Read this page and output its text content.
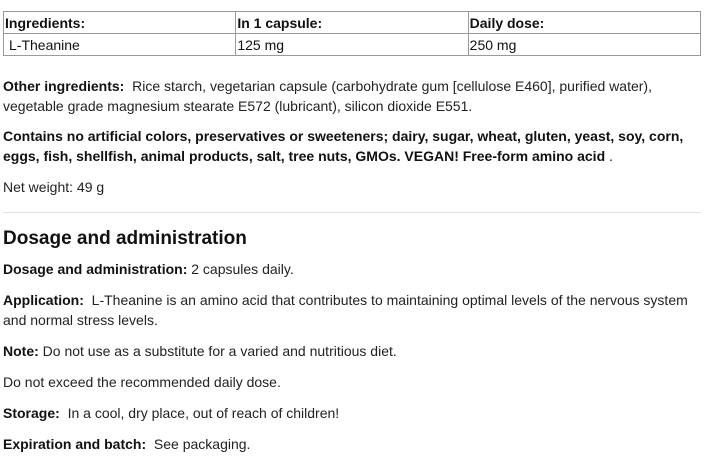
Ingredients:	In 1 capsule:	Daily dose:
L-Theanine	125 mg	250 mg

Other ingredients: Rice starch, vegetarian capsule (carbohydrate gum [cellulose E460], purified water), vegetable grade magnesium stearate E572 (lubricant), silicon dioxide E551.

Contains no artificial colors, preservatives or sweeteners; dairy, sugar, wheat, gluten, yeast, soy, corn, eggs, fish, shellfish, animal products, salt, tree nuts, GMOs. VEGAN! Free-form amino acid .

Net weight: 49 g

Dosage and administration

Dosage and administration: 2 capsules daily.

Application: L-Theanine is an amino acid that contributes to maintaining optimal levels of the nervous system and normal stress levels.

Note: Do not use as a substitute for a varied and nutritious diet.

Do not exceed the recommended daily dose.

Storage: In a cool, dry place, out of reach of children!

Expiration and batch: See packaging.
